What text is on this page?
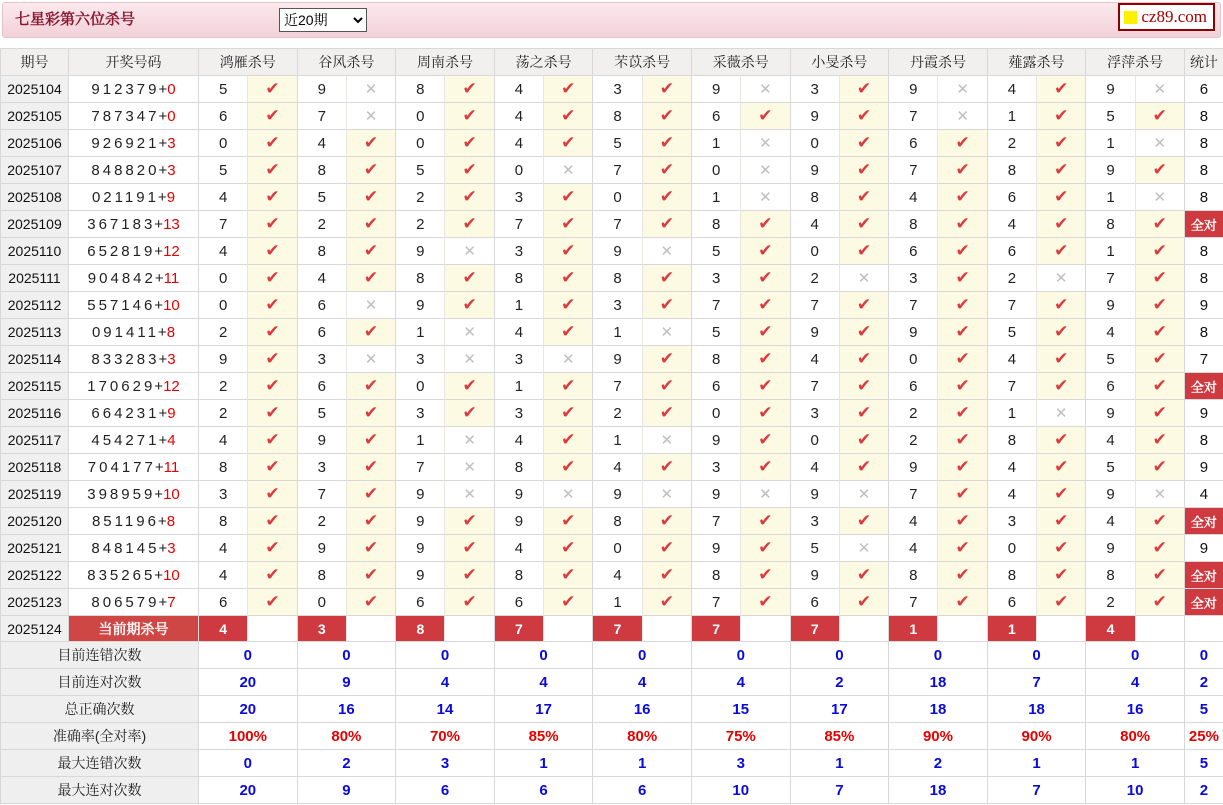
七星彩第六位杀号
近20期	cz89.com
期号	开奖号码	鸿雁杀号	谷风杀号	周南杀号	荡之杀号	芣苡杀号	采薇杀号	小旻杀号	丹霞杀号	薤露杀号	浮萍杀号	统计
2025104	912379 + 0	5	✔	9	✕	8	✔	4	✔	3	✔	9	✕	3	✔	9	✕	4	✔	9	✕	6
2025105	787347 + 0	6	✔	7	✕	0	✔	4	✔	8	✔	6	✔	9	✔	7	✕	1	✔	5	✔	8
2025106	926921 + 3	0	✔	4	✔	0	✔	4	✔	5	✔	1	✕	0	✔	6	✔	2	✔	1	✕	8
2025107	848820 + 3	5	✔	8	✔	5	✔	0	✕	7	✔	0	✕	9	✔	7	✔	8	✔	9	✔	8
2025108	021191 + 9	4	✔	5	✔	2	✔	3	✔	0	✔	1	✕	8	✔	4	✔	6	✔	1	✕	8
2025109	367183 + 13	7	✔	2	✔	2	✔	7	✔	7	✔	8	✔	4	✔	8	✔	4	✔	8	✔	全对
2025110	652819 + 12	4	✔	8	✔	9	✕	3	✔	9	✕	5	✔	0	✔	6	✔	6	✔	1	✔	8
2025111	904842 + 11	0	✔	4	✔	8	✔	8	✔	8	✔	3	✔	2	✕	3	✔	2	✕	7	✔	8
2025112	557146 + 10	0	✔	6	✕	9	✔	1	✔	3	✔	7	✔	7	✔	7	✔	7	✔	9	✔	9
2025113	091411 + 8	2	✔	6	✔	1	✕	4	✔	1	✕	5	✔	9	✔	9	✔	5	✔	4	✔	8
2025114	833283 + 3	9	✔	3	✕	3	✕	3	✕	9	✔	8	✔	4	✔	0	✔	4	✔	5	✔	7
2025115	170629 + 12	2	✔	6	✔	0	✔	1	✔	7	✔	6	✔	7	✔	6	✔	7	✔	6	✔	全对
2025116	664231 + 9	2	✔	5	✔	3	✔	3	✔	2	✔	0	✔	3	✔	2	✔	1	✕	9	✔	9
2025117	454271 + 4	4	✔	9	✔	1	✕	4	✔	1	✕	9	✔	0	✔	2	✔	8	✔	4	✔	8
2025118	704177 + 11	8	✔	3	✔	7	✕	8	✔	4	✔	3	✔	4	✔	9	✔	4	✔	5	✔	9
2025119	398959 + 10	3	✔	7	✔	9	✕	9	✕	9	✕	9	✕	9	✕	7	✔	4	✔	9	✕	4
2025120	851196 + 8	8	✔	2	✔	9	✔	9	✔	8	✔	7	✔	3	✔	4	✔	3	✔	4	✔	全对
2025121	848145 + 3	4	✔	9	✔	9	✔	4	✔	0	✔	9	✔	5	✕	4	✔	0	✔	9	✔	9
2025122	835265 + 10	4	✔	8	✔	9	✔	8	✔	4	✔	8	✔	9	✔	8	✔	8	✔	8	✔	全对
2025123	806579 + 7	6	✔	0	✔	6	✔	6	✔	1	✔	7	✔	6	✔	7	✔	6	✔	2	✔	全对
2025124	当前期杀号	4	3	8	7	7	7	7	1	1	4
目前连错次数	0	0	0	0	0	0	0	0	0	0	0
目前连对次数	20	9	4	4	4	4	2	18	7	4	2
总正确次数	20	16	14	17	16	15	17	18	18	16	5
准确率(全对率)	100%	80%	70%	85%	80%	75%	85%	90%	90%	80%	25%
最大连错次数	0	2	3	1	1	3	1	2	1	1	5
最大连对次数	20	9	6	6	6	10	7	18	7	10	2
